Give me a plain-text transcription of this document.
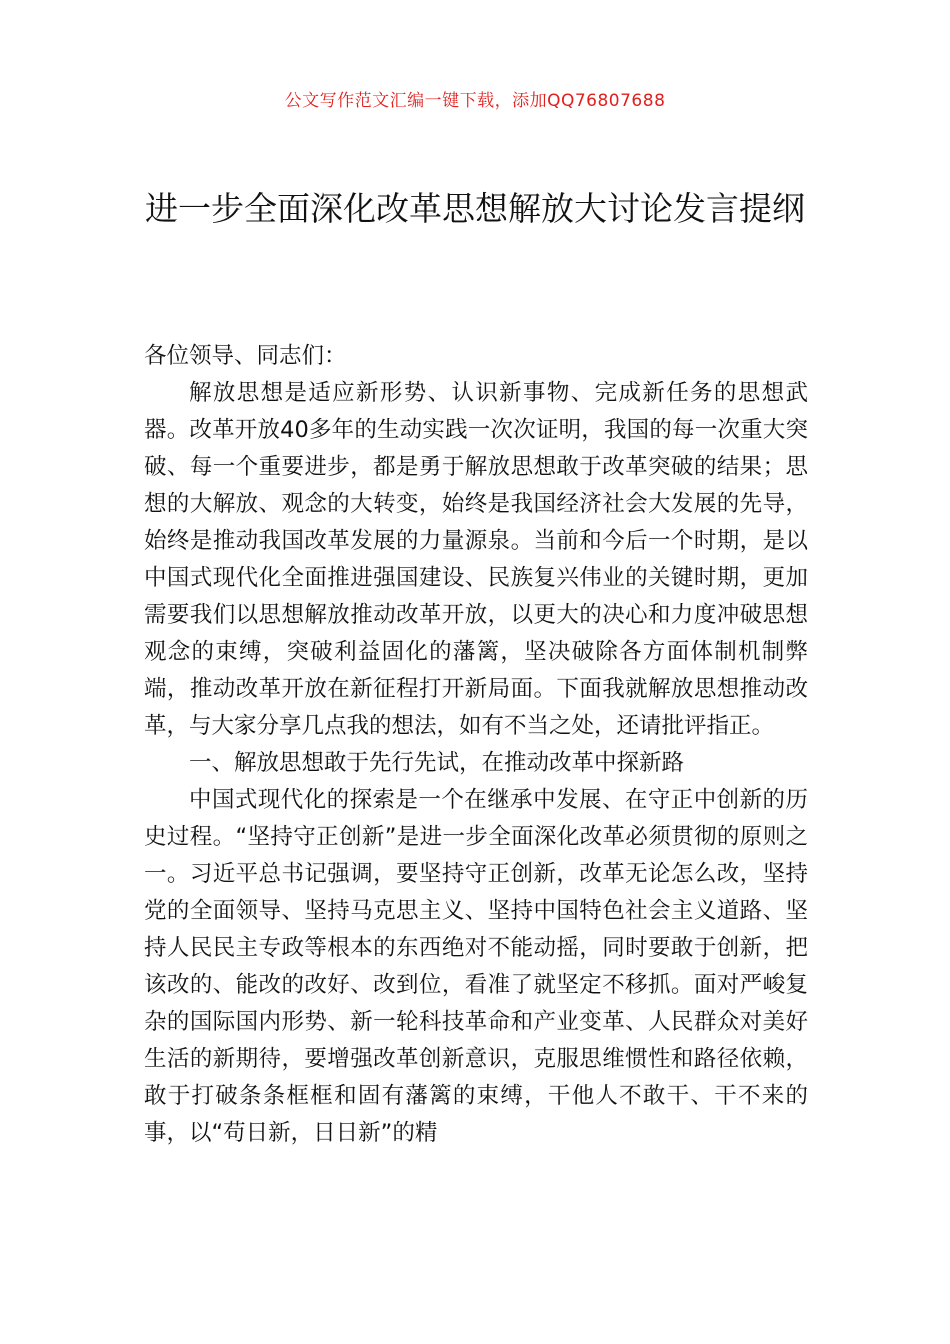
公文写作范文汇编一键下载，添加QQ76807688
进一步全面深化改革思想解放大讨论发言提纲

各位领导、同志们：

解放思想是适应新形势、认识新事物、完成新任务的思想武器。改革开放40多年的生动实践一次次证明，我国的每一次重大突破、每一个重要进步，都是勇于解放思想敢于改革突破的结果；思想的大解放、观念的大转变，始终是我国经济社会大发展的先导，始终是推动我国改革发展的力量源泉。当前和今后一个时期，是以中国式现代化全面推进强国建设、民族复兴伟业的关键时期，更加需要我们以思想解放推动改革开放，以更大的决心和力度冲破思想观念的束缚，突破利益固化的藩篱，坚决破除各方面体制机制弊端，推动改革开放在新征程打开新局面。下面我就解放思想推动改革，与大家分享几点我的想法，如有不当之处，还请批评指正。

一、解放思想敢于先行先试，在推动改革中探新路

中国式现代化的探索是一个在继承中发展、在守正中创新的历史过程。“坚持守正创新”是进一步全面深化改革必须贯彻的原则之一。习近平总书记强调，要坚持守正创新，改革无论怎么改，坚持党的全面领导、坚持马克思主义、坚持中国特色社会主义道路、坚持人民民主专政等根本的东西绝对不能动摇，同时要敢于创新，把该改的、能改的改好、改到位，看准了就坚定不移抓。面对严峻复杂的国际国内形势、新一轮科技革命和产业变革、人民群众对美好生活的新期待，要增强改革创新意识，克服思维惯性和路径依赖，敢于打破条条框框和固有藩篱的束缚，干他人不敢干、干不来的事，以“苟日新，日日新”的精
